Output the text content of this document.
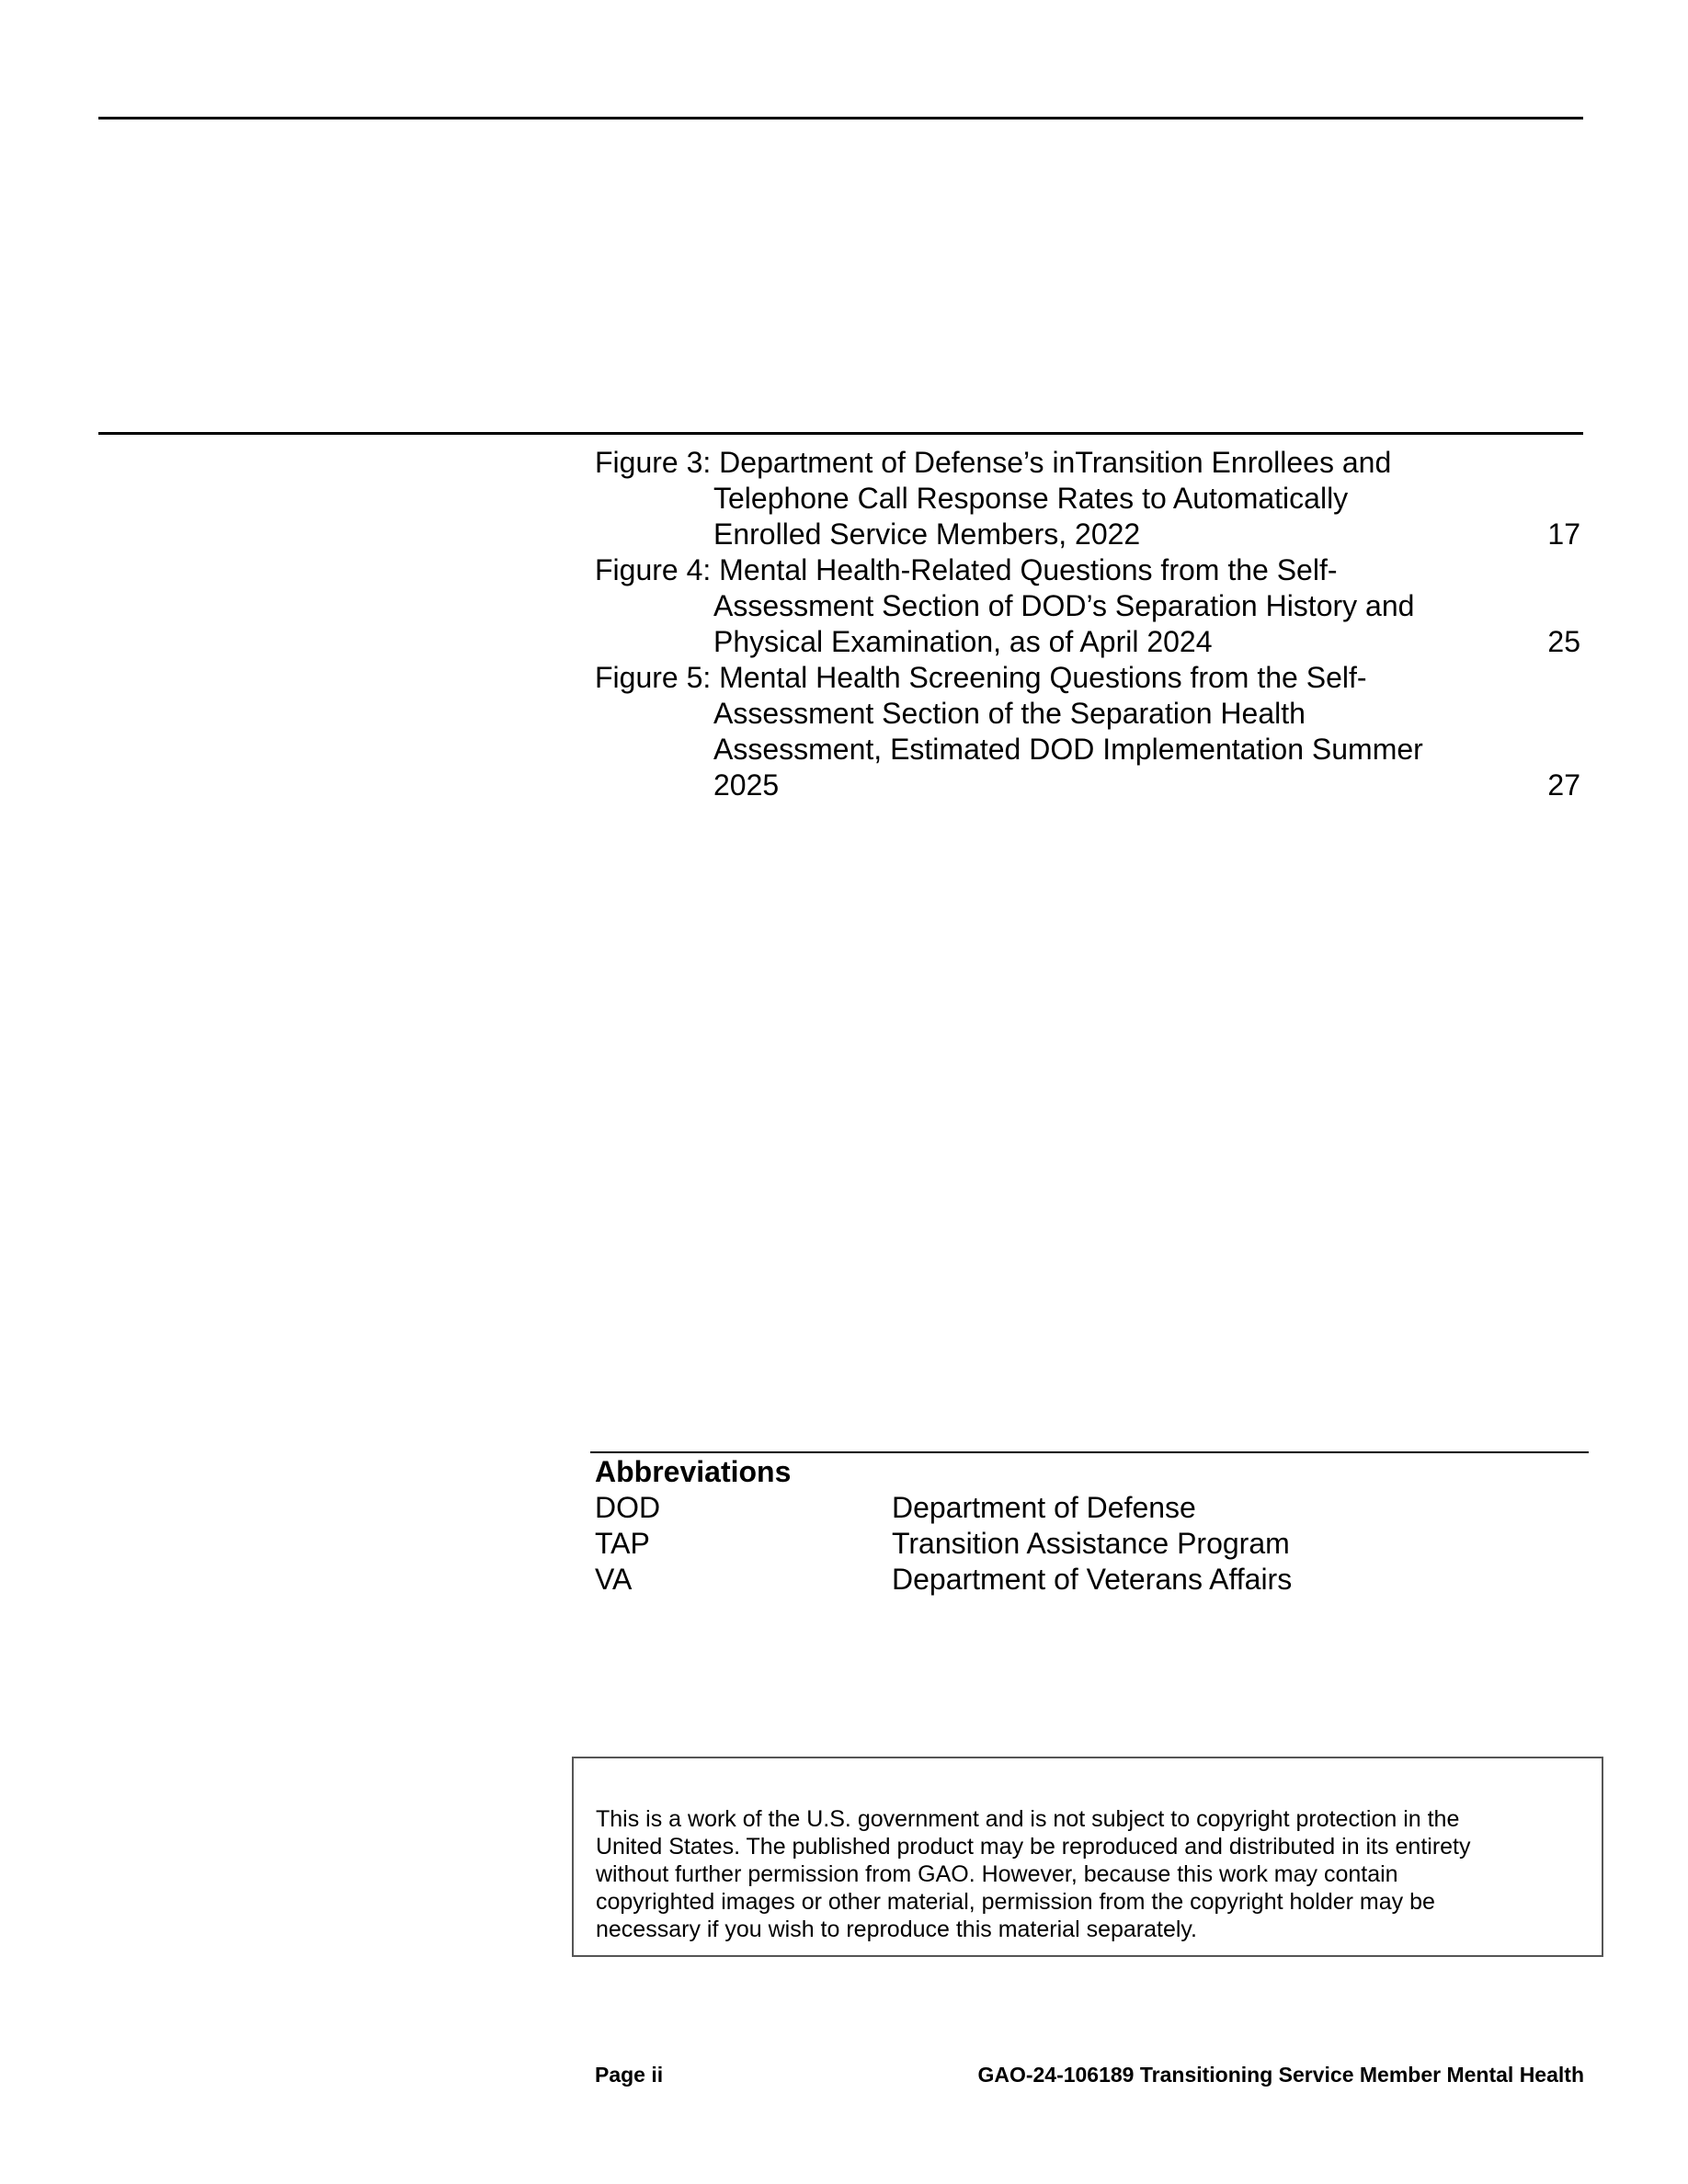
Figure 3: Department of Defense’s inTransition Enrollees and
Telephone Call Response Rates to Automatically
Enrolled Service Members, 2022	17
Figure 4: Mental Health-Related Questions from the Self-
Assessment Section of DOD’s Separation History and
Physical Examination, as of April 2024	25
Figure 5: Mental Health Screening Questions from the Self-
Assessment Section of the Separation Health
Assessment, Estimated DOD Implementation Summer
2025	27
Abbreviations
DOD	Department of Defense
TAP	Transition Assistance Program
VA	Department of Veterans Affairs
This is a work of the U.S. government and is not subject to copyright protection in the
United States. The published product may be reproduced and distributed in its entirety
without further permission from GAO. However, because this work may contain
copyrighted images or other material, permission from the copyright holder may be
necessary if you wish to reproduce this material separately.
Page ii	GAO-24-106189 Transitioning Service Member Mental Health
